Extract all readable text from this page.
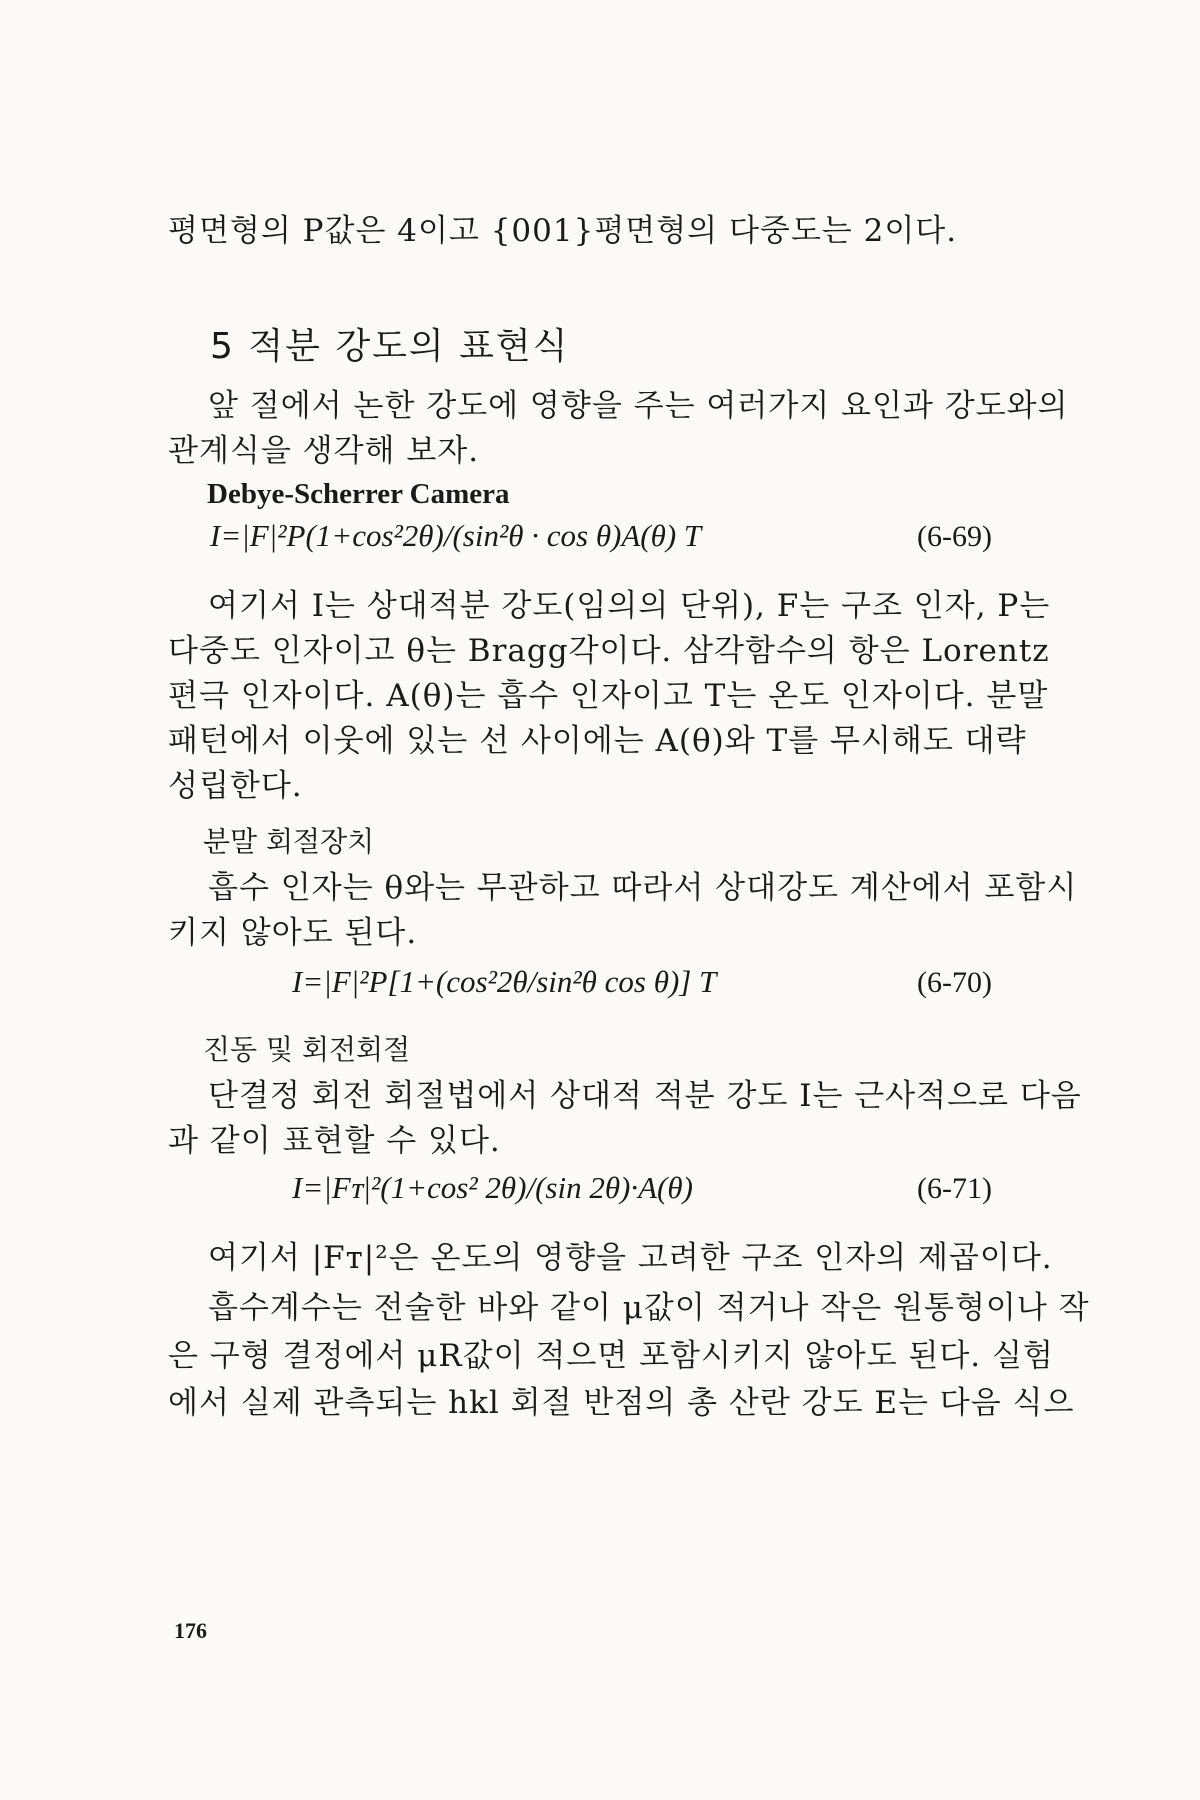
평면형의 P값은 4이고 {001}평면형의 다중도는 2이다.
5 적분 강도의 표현식
앞 절에서 논한 강도에 영향을 주는 여러가지 요인과 강도와의
관계식을 생각해 보자.
Debye-Scherrer Camera
I=|F|²P(1+cos²2θ)/(sin²θ · cos θ)A(θ) T	(6-69)
여기서 I는 상대적분 강도(임의의 단위), F는 구조 인자, P는
다중도 인자이고 θ는 Bragg각이다. 삼각함수의 항은 Lorentz
편극 인자이다. A(θ)는 흡수 인자이고 T는 온도 인자이다. 분말
패턴에서 이웃에 있는 선 사이에는 A(θ)와 T를 무시해도 대략
성립한다.
분말 회절장치
흡수 인자는 θ와는 무관하고 따라서 상대강도 계산에서 포함시
키지 않아도 된다.
I=|F|²P[1+(cos²2θ/sin²θ cos θ)] T	(6-70)
진동 및 회전회절
단결정 회전 회절법에서 상대적 적분 강도 I는 근사적으로 다음
과 같이 표현할 수 있다.
I=|Fᴛ|²(1+cos² 2θ)/(sin 2θ)·A(θ)	(6-71)
여기서 |Fᴛ|²은 온도의 영향을 고려한 구조 인자의 제곱이다.
흡수계수는 전술한 바와 같이 μ값이 적거나 작은 원통형이나 작
은 구형 결정에서 μR값이 적으면 포함시키지 않아도 된다. 실험
에서 실제 관측되는 hkl 회절 반점의 총 산란 강도 E는 다음 식으
176
